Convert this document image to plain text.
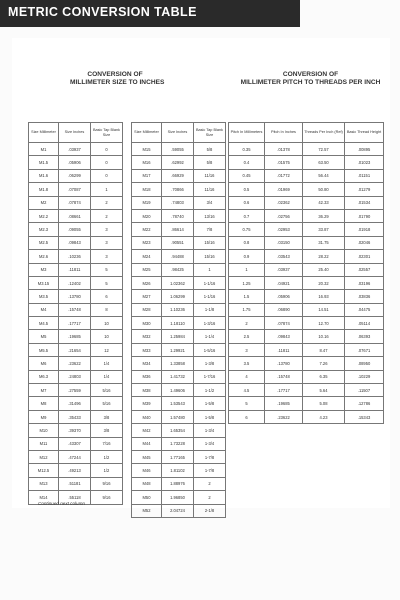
METRIC CONVERSION TABLE
CONVERSION OF
MILLIMETER SIZE TO INCHES
CONVERSION OF
MILLIMETER PITCH TO THREADS PER INCH
Size Millimeter	Size Inches	Basic Tap Blank Size
M1	.03937	0
M1.5	.05906	0
M1.6	.06299	0
M1.8	.07087	1
M2	.07874	2
M2.2	.08661	2
M2.3	.09055	3
M2.5	.09843	3
M2.6	.10236	3
M3	.11811	5
M3.15	.12402	5
M3.5	.13780	6
M4	.15748	8
M4.5	.17717	10
M5	.19685	10
M5.5	.21654	12
M6	.23622	1/4
M6.3	.24803	1/4
M7	.27559	5/16
M8	.31496	5/16
M9	.35433	3/8
M10	.39370	3/8
M11	.43307	7/16
M12	.47244	1/2
M12.5	.49213	1/2
M13	.51181	9/16
M14	.55118	9/16
Size Millimeter	Size Inches	Basic Tap Blank Size
M15	.59055	5/8
M16	.62992	5/8
M17	.66929	11/16
M18	.70866	11/16
M19	.74803	3/4
M20	.78740	13/16
M22	.86614	7/8
M23	.90551	15/16
M24	.94488	15/16
M25	.98425	1
M26	1.02362	1-1/16
M27	1.06299	1-1/16
M28	1.10236	1-1/8
M30	1.18110	1-3/16
M32	1.25984	1-1/4
M33	1.29921	1-5/16
M34	1.33858	1-3/8
M36	1.41732	1-7/16
M38	1.49606	1-1/2
M39	1.53543	1-5/8
M40	1.57480	1-5/8
M42	1.65354	1-3/4
M44	1.73228	1-3/4
M45	1.77165	1-7/8
M46	1.81102	1-7/8
M48	1.88976	2
M50	1.96850	2
M52	2.04724	2-1/8
Continued next column
Pitch In Millimeters	Pitch In Inches	Threads Per Inch (Ref)	Basic Thread Height
0.35	.01378	72.57	.00895
0.4	.01575	63.50	.01023
0.45	.01772	56.44	.01151
0.5	.01969	50.80	.01279
0.6	.02362	42.33	.01534
0.7	.02756	36.29	.01790
0.75	.02953	33.87	.01918
0.8	.03150	31.75	.02046
0.9	.03543	28.22	.02301
1	.03937	25.40	.02557
1.25	.04921	20.32	.03196
1.5	.05906	16.93	.03836
1.75	.06890	14.51	.04475
2	.07874	12.70	.05114
2.5	.09843	10.16	.06393
3	.11811	8.47	.07671
3.5	.13780	7.26	.08950
4	.15748	6.35	.10229
4.5	.17717	5.64	.11507
5	.19685	5.08	.12786
6	.23622	4.23	.15343
